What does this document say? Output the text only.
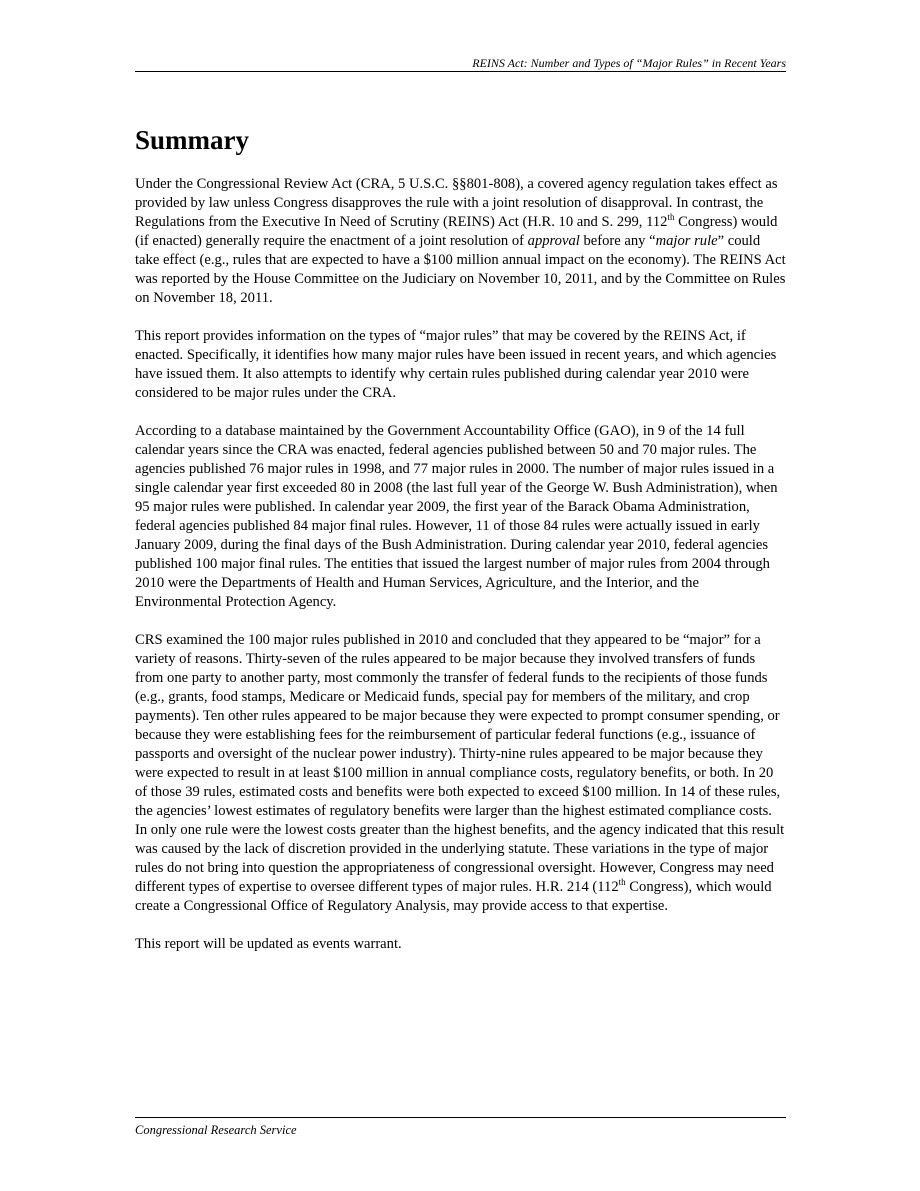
REINS Act: Number and Types of “Major Rules” in Recent Years
Summary

Under the Congressional Review Act (CRA, 5 U.S.C. §§801-808), a covered agency regulation takes effect as provided by law unless Congress disapproves the rule with a joint resolution of disapproval. In contrast, the Regulations from the Executive In Need of Scrutiny (REINS) Act (H.R. 10 and S. 299, 112th Congress) would (if enacted) generally require the enactment of a joint resolution of approval before any “major rule” could take effect (e.g., rules that are expected to have a $100 million annual impact on the economy). The REINS Act was reported by the House Committee on the Judiciary on November 10, 2011, and by the Committee on Rules on November 18, 2011.

This report provides information on the types of “major rules” that may be covered by the REINS Act, if enacted. Specifically, it identifies how many major rules have been issued in recent years, and which agencies have issued them. It also attempts to identify why certain rules published during calendar year 2010 were considered to be major rules under the CRA.

According to a database maintained by the Government Accountability Office (GAO), in 9 of the 14 full calendar years since the CRA was enacted, federal agencies published between 50 and 70 major rules. The agencies published 76 major rules in 1998, and 77 major rules in 2000. The number of major rules issued in a single calendar year first exceeded 80 in 2008 (the last full year of the George W. Bush Administration), when 95 major rules were published. In calendar year 2009, the first year of the Barack Obama Administration, federal agencies published 84 major final rules. However, 11 of those 84 rules were actually issued in early January 2009, during the final days of the Bush Administration. During calendar year 2010, federal agencies published 100 major final rules. The entities that issued the largest number of major rules from 2004 through 2010 were the Departments of Health and Human Services, Agriculture, and the Interior, and the Environmental Protection Agency.

CRS examined the 100 major rules published in 2010 and concluded that they appeared to be “major” for a variety of reasons. Thirty-seven of the rules appeared to be major because they involved transfers of funds from one party to another party, most commonly the transfer of federal funds to the recipients of those funds (e.g., grants, food stamps, Medicare or Medicaid funds, special pay for members of the military, and crop payments). Ten other rules appeared to be major because they were expected to prompt consumer spending, or because they were establishing fees for the reimbursement of particular federal functions (e.g., issuance of passports and oversight of the nuclear power industry). Thirty-nine rules appeared to be major because they were expected to result in at least $100 million in annual compliance costs, regulatory benefits, or both. In 20 of those 39 rules, estimated costs and benefits were both expected to exceed $100 million. In 14 of these rules, the agencies’ lowest estimates of regulatory benefits were larger than the highest estimated compliance costs. In only one rule were the lowest costs greater than the highest benefits, and the agency indicated that this result was caused by the lack of discretion provided in the underlying statute. These variations in the type of major rules do not bring into question the appropriateness of congressional oversight. However, Congress may need different types of expertise to oversee different types of major rules. H.R. 214 (112th Congress), which would create a Congressional Office of Regulatory Analysis, may provide access to that expertise.

This report will be updated as events warrant.

Congressional Research Service
